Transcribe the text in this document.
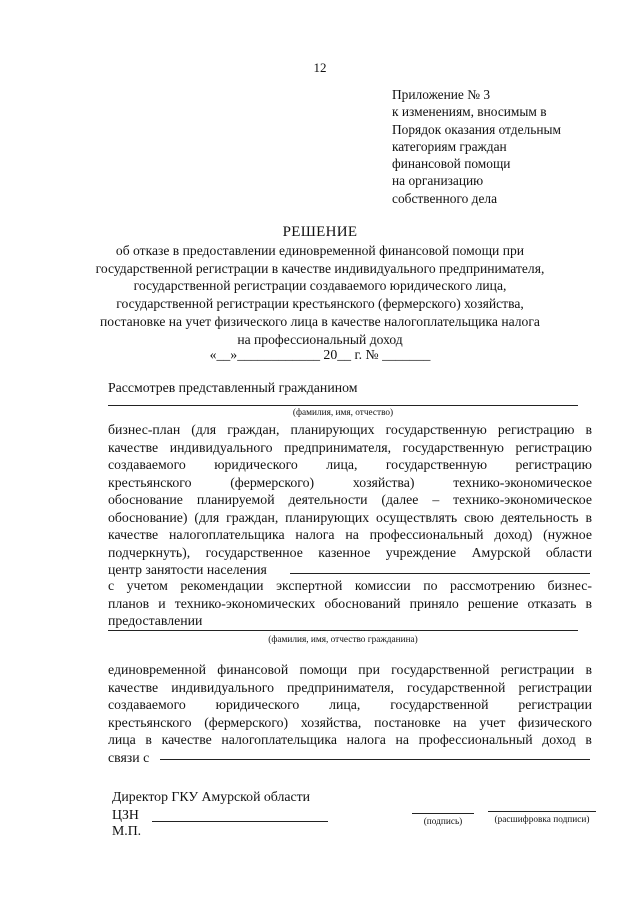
12
Приложение № 3
к изменениям, вносимым в
Порядок оказания отдельным
категориям граждан
финансовой помощи
на организацию
собственного дела
РЕШЕНИЕ
об отказе в предоставлении единовременной финансовой помощи при
государственной регистрации в качестве индивидуального предпринимателя,
государственной регистрации создаваемого юридического лица,
государственной регистрации крестьянского (фермерского) хозяйства,
постановке на учет физического лица в качестве налогоплательщика налога
на профессиональный доход
«__»____________ 20__ г. № _______
Рассмотрев представленный гражданином
(фамилия, имя, отчество)
бизнес-план (для граждан, планирующих государственную регистрацию в
качестве индивидуального предпринимателя, государственную регистрацию
создаваемого юридического лица, государственную регистрацию
крестьянского	(фермерского)	хозяйства)	технико-экономическое
обоснование планируемой деятельности (далее – технико-экономическое
обоснование) (для граждан, планирующих осуществлять свою деятельность в
качестве налогоплательщика налога на профессиональный доход) (нужное
подчеркнуть), государственное казенное учреждение Амурской области
центр занятости населения
с учетом рекомендации экспертной комиссии по рассмотрению бизнес-
планов и технико-экономических обоснований приняло решение отказать в
предоставлении
(фамилия, имя, отчество гражданина)
единовременной финансовой помощи при государственной регистрации в
качестве индивидуального предпринимателя, государственной регистрации
создаваемого юридического лица, государственной регистрации
крестьянского (фермерского) хозяйства, постановке на учет физического
лица в качестве налогоплательщика налога на профессиональный доход в
связи с
Директор ГКУ Амурской области
ЦЗН
М.П.
(подпись)	(расшифровка подписи)
